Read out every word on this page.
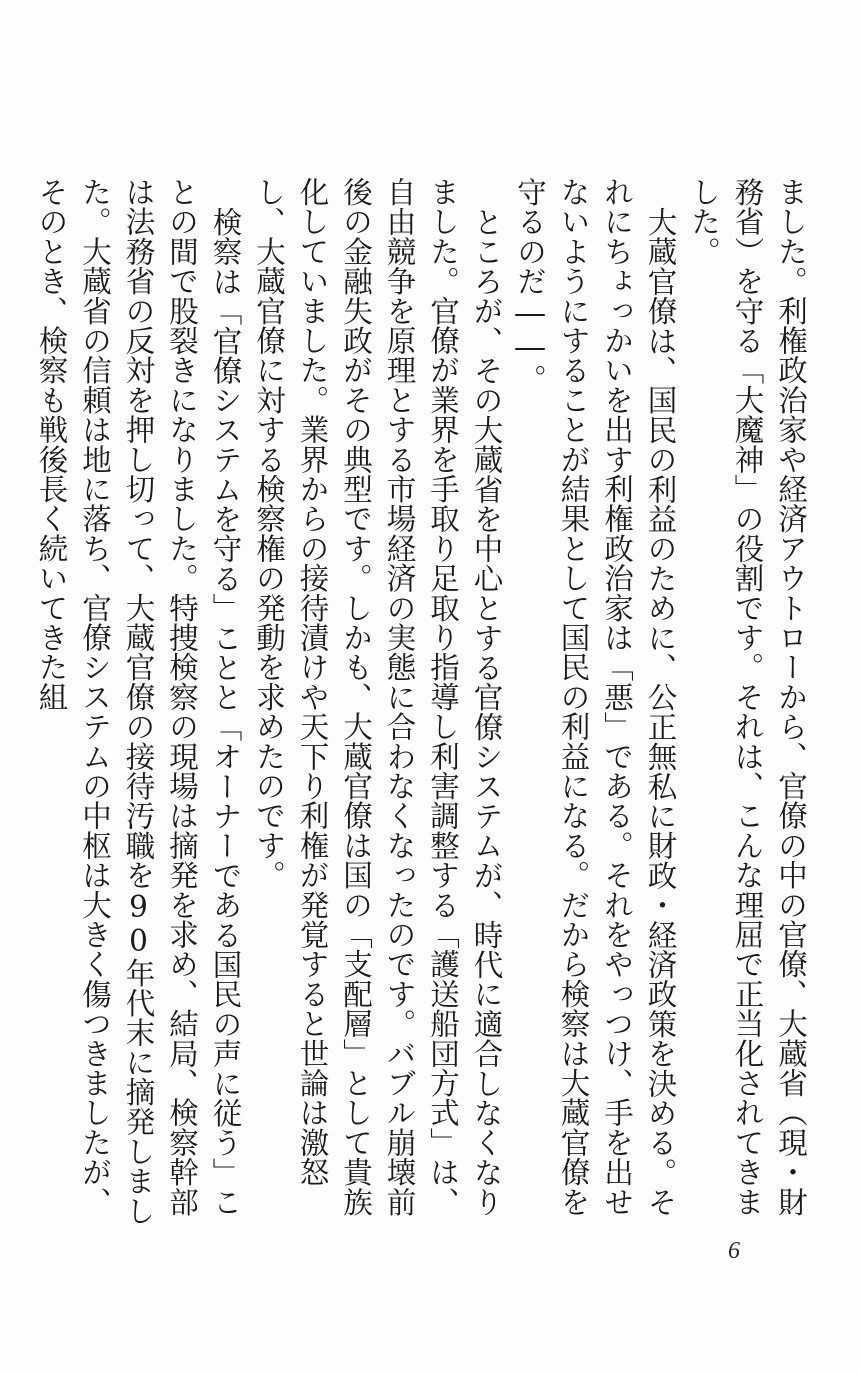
ました。利権政治家や経済アウトローから、官僚の中の官僚、大蔵省（現・財務省）を守る「大魔神」の役割です。それは、こんな理屈で正当化されてきました。

大蔵官僚は、国民の利益のために、公正無私に財政・経済政策を決める。それにちょっかいを出す利権政治家は「悪」である。それをやっつけ、手を出せないようにすることが結果として国民の利益になる。だから検察は大蔵官僚を守るのだ――。

ところが、その大蔵省を中心とする官僚システムが、時代に適合しなくなりました。官僚が業界を手取り足取り指導し利害調整する「護送船団方式」は、自由競争を原理とする市場経済の実態に合わなくなったのです。バブル崩壊前後の金融失政がその典型です。しかも、大蔵官僚は国の「支配層」として貴族化していました。業界からの接待漬けや天下り利権が発覚すると世論は激怒し、大蔵官僚に対する検察権の発動を求めたのです。

検察は「官僚システムを守る」ことと「オーナーである国民の声に従う」ことの間で股裂きになりました。特捜検察の現場は摘発を求め、結局、検察幹部は法務省の反対を押し切って、大蔵官僚の接待汚職を90年代末に摘発しました。大蔵省の信頼は地に落ち、官僚システムの中枢は大きく傷つきましたが、そのとき、検察も戦後長く続いてきた組

6
